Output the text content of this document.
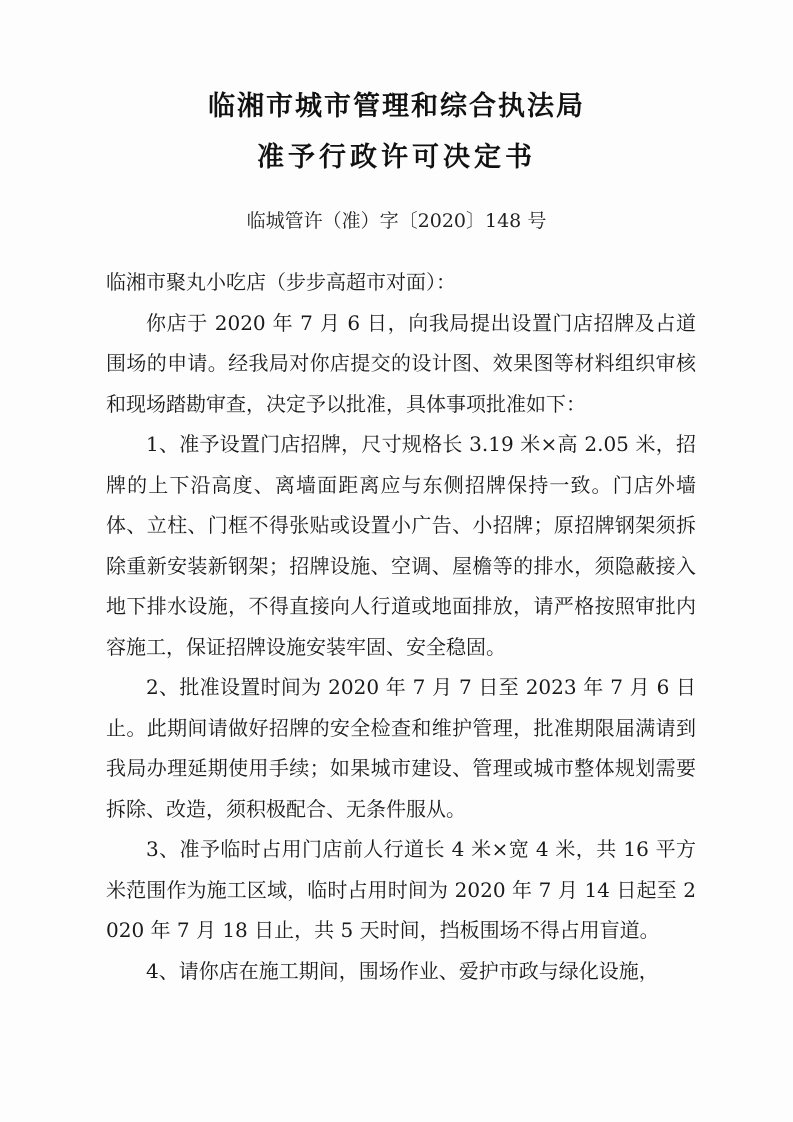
临湘市城市管理和综合执法局
准予行政许可决定书
临城管许（准）字〔2020〕148 号

临湘市聚丸小吃店（步步高超市对面）：

你店于 2020 年 7 月 6 日，向我局提出设置门店招牌及占道围场的申请。经我局对你店提交的设计图、效果图等材料组织审核和现场踏勘审查，决定予以批准，具体事项批准如下：

1、准予设置门店招牌，尺寸规格长 3.19 米×高 2.05 米，招牌的上下沿高度、离墙面距离应与东侧招牌保持一致。门店外墙体、立柱、门框不得张贴或设置小广告、小招牌；原招牌钢架须拆除重新安装新钢架；招牌设施、空调、屋檐等的排水，须隐蔽接入地下排水设施，不得直接向人行道或地面排放，请严格按照审批内容施工，保证招牌设施安装牢固、安全稳固。

2、批准设置时间为 2020 年 7 月 7 日至 2023 年 7 月 6 日止。此期间请做好招牌的安全检查和维护管理，批准期限届满请到我局办理延期使用手续；如果城市建设、管理或城市整体规划需要拆除、改造，须积极配合、无条件服从。

3、准予临时占用门店前人行道长 4 米×宽 4 米，共 16 平方米范围作为施工区域，临时占用时间为 2020 年 7 月 14 日起至 2020 年 7 月 18 日止，共 5 天时间，挡板围场不得占用盲道。

4、请你店在施工期间，围场作业、爱护市政与绿化设施，
